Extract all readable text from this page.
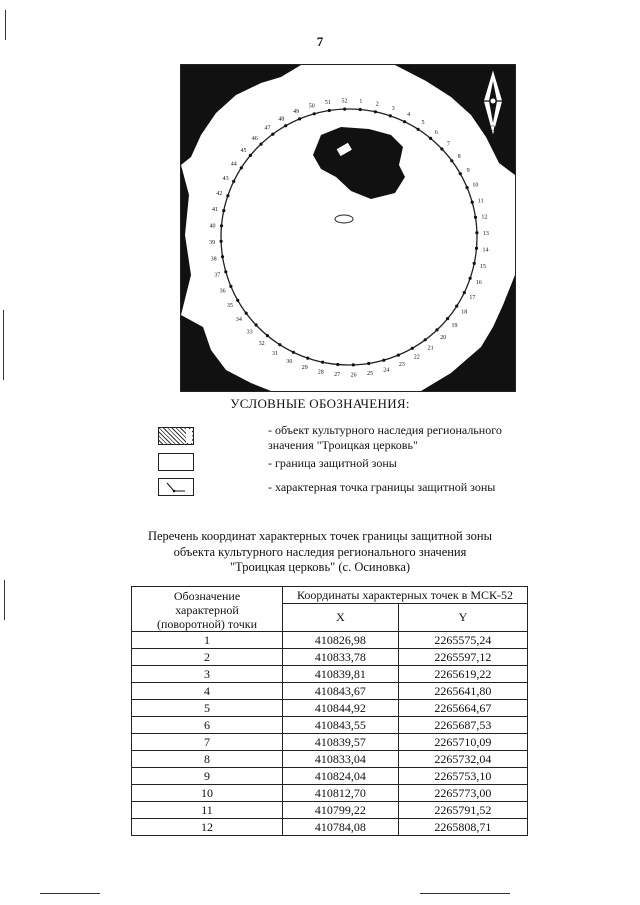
7
С
Ю
1 2
3
4
5
6
7
8
9
10
11
12
13
14
15
16
17
18
19
20
21
22
23
24
25
26
27
28
29
30
31
32
33
34
35
36
37
38
39
40
41
42
43
44
45
46
47
48
49
50
51 52
УСЛОВНЫЕ ОБОЗНАЧЕНИЯ:
- объект культурного наследия регионального
значения "Троицкая церковь"
- граница защитной зоны
- характерная точка границы защитной зоны
Перечень координат характерных точек границы защитной зоны
объекта культурного наследия регионального значения
"Троицкая церковь" (с. Осиновка)
Обозначение
характерной
(поворотной) точки	Координаты характерных точек в МСК-52	
	X	Y
1	410826,98	2265575,24
2	410833,78	2265597,12
3	410839,81	2265619,22
4	410843,67	2265641,80
5	410844,92	2265664,67
6	410843,55	2265687,53
7	410839,57	2265710,09
8	410833,04	2265732,04
9	410824,04	2265753,10
10	410812,70	2265773,00
11	410799,22	2265791,52
12	410784,08	2265808,71
